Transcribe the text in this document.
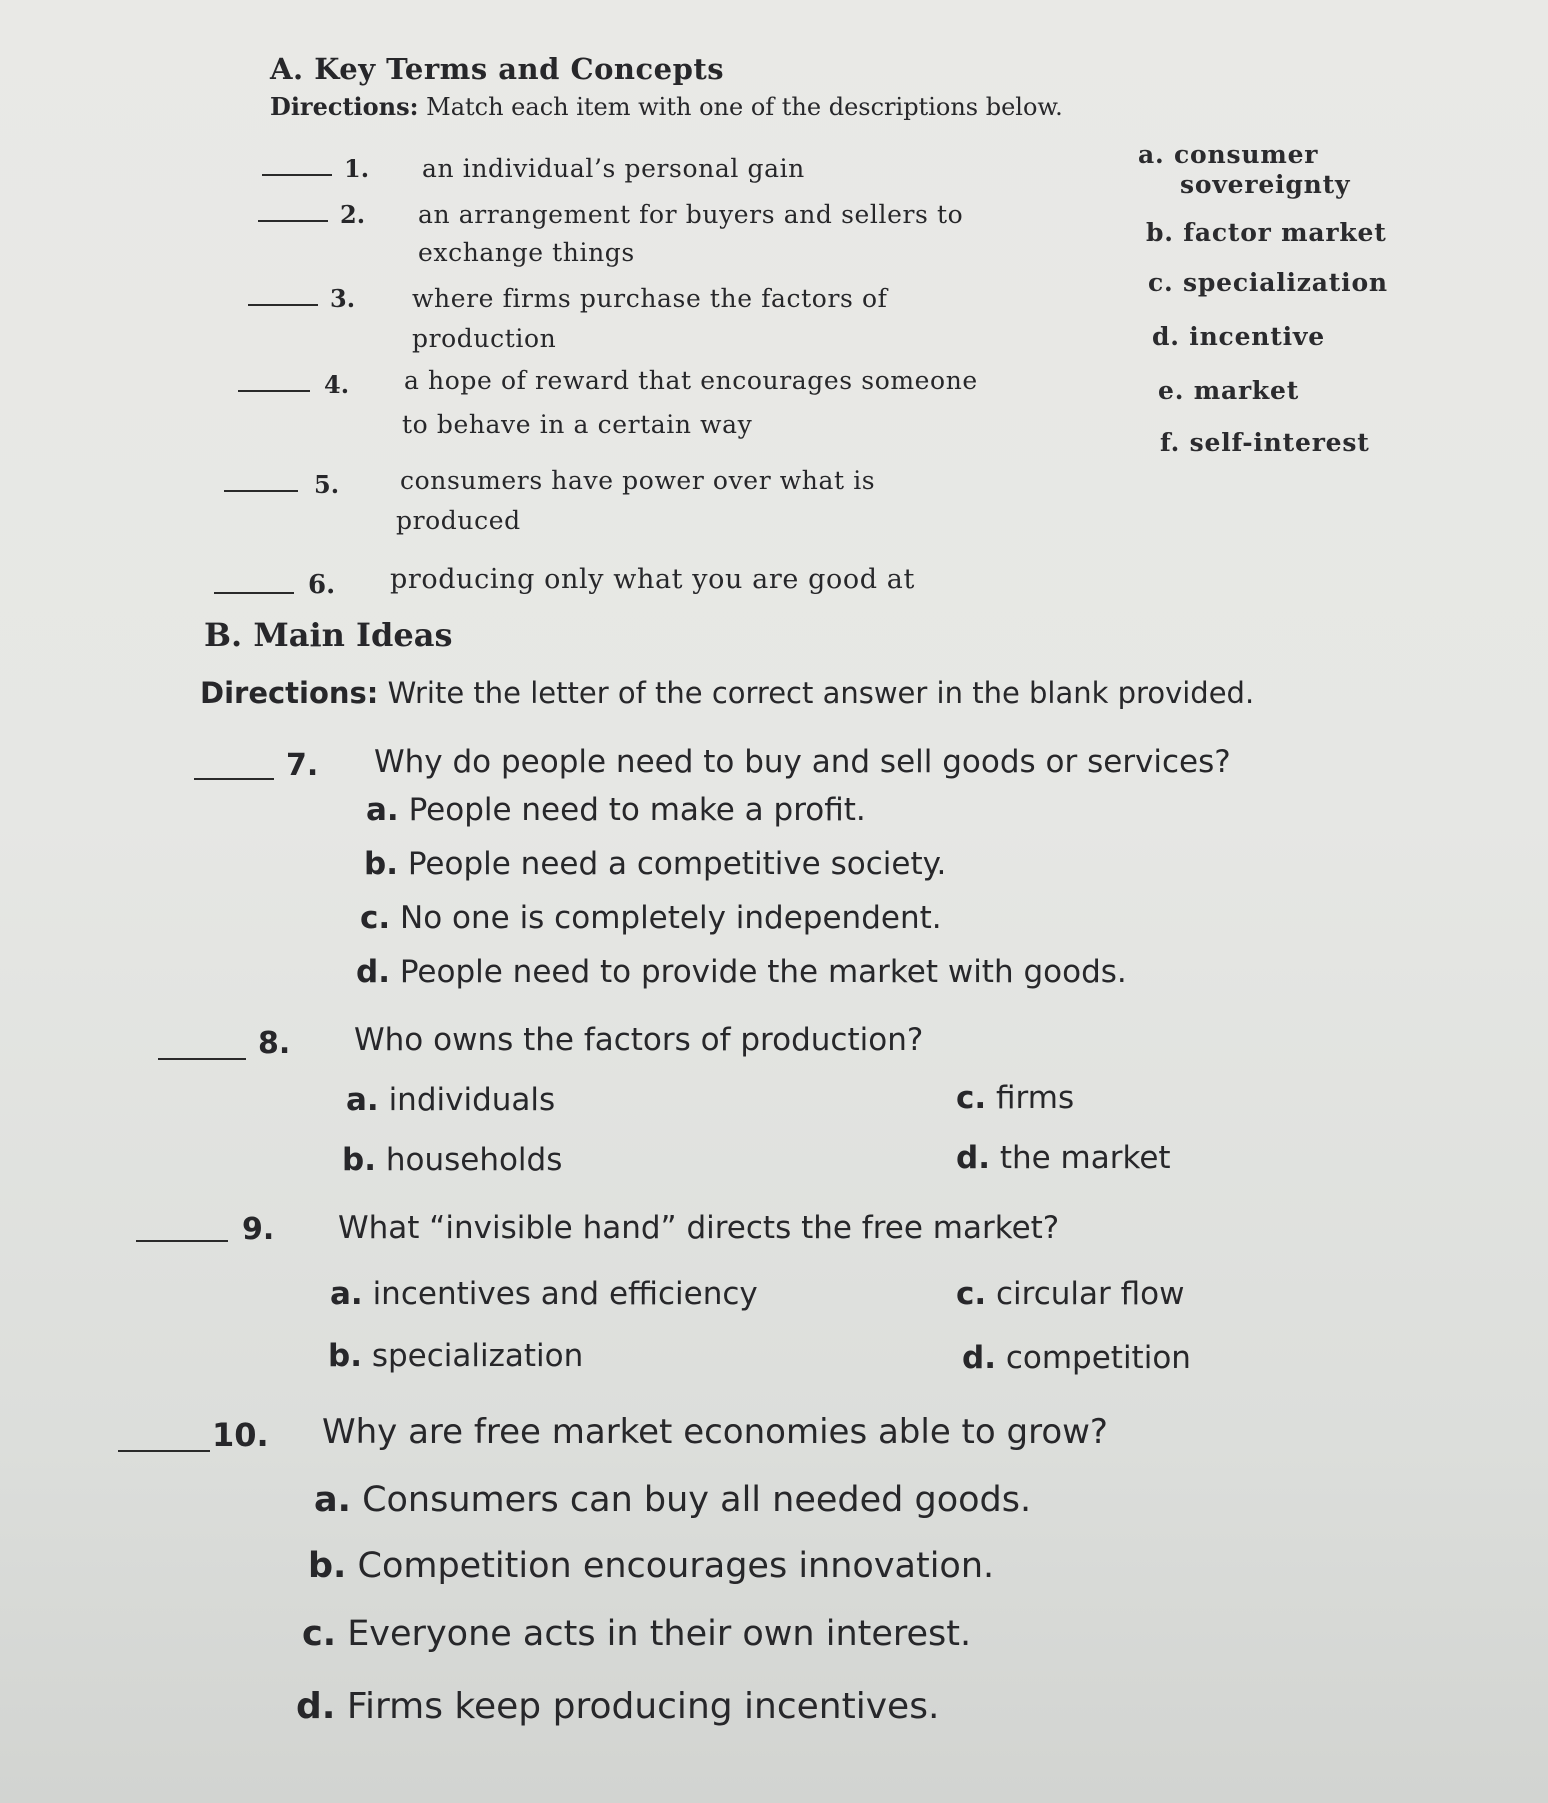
A. Key Terms and Concepts
Directions: Match each item with one of the descriptions below.
1. an individual’s personal gain
2. an arrangement for buyers and sellers to
exchange things
3. where firms purchase the factors of
production
4. a hope of reward that encourages someone
to behave in a certain way
5. consumers have power over what is
produced
6. producing only what you are good at
a. consumer
sovereignty
b. factor market
c. specialization
d. incentive
e. market
f. self-interest
B. Main Ideas
Directions: Write the letter of the correct answer in the blank provided.
7. Why do people need to buy and sell goods or services?
a. People need to make a profit.
b. People need a competitive society.
c. No one is completely independent.
d. People need to provide the market with goods.
8. Who owns the factors of production?
a. individuals	c. firms
b. households	d. the market
9. What “invisible hand” directs the free market?
a. incentives and efficiency	c. circular flow
b. specialization	d. competition
10. Why are free market economies able to grow?
a. Consumers can buy all needed goods.
b. Competition encourages innovation.
c. Everyone acts in their own interest.
d. Firms keep producing incentives.
